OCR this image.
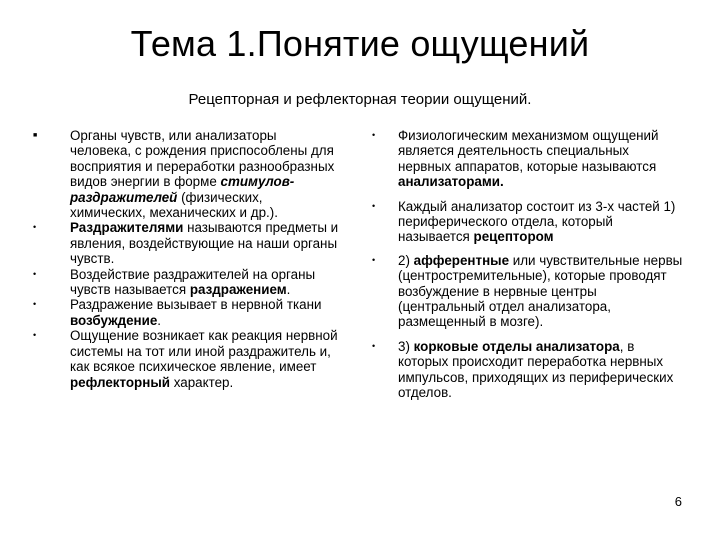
Тема 1.Понятие ощущений
Рецепторная и рефлекторная теории ощущений.
■ Органы чувств, или анализаторы человека, с рождения приспособлены для восприятия и переработки разнообразных видов энергии в форме стимулов-раздражителей (физических, химических, механических и др.).
•	Раздражителями называются предметы и явления, воздействующие на наши органы чувств.
•	Воздействие раздражителей на органы чувств называется раздражением.
•	Раздражение вызывает в нервной ткани возбуждение.
•	Ощущение возникает как реакция нервной системы на тот или иной раздражитель и, как всякое психическое явление, имеет рефлекторный характер.
• Физиологическим механизмом ощущений является деятельность специальных нервных аппаратов, которые называются анализаторами.
• Каждый анализатор состоит из 3-х частей 1) периферического отдела, который называется рецептором
• 2) афферентные или чувствительные нервы (центростремительные), которые проводят возбуждение в нервные центры (центральный отдел анализатора, размещенный в мозге).
• 3) корковые отделы анализатора, в которых происходит переработка нервных импульсов, приходящих из периферических отделов.
6
